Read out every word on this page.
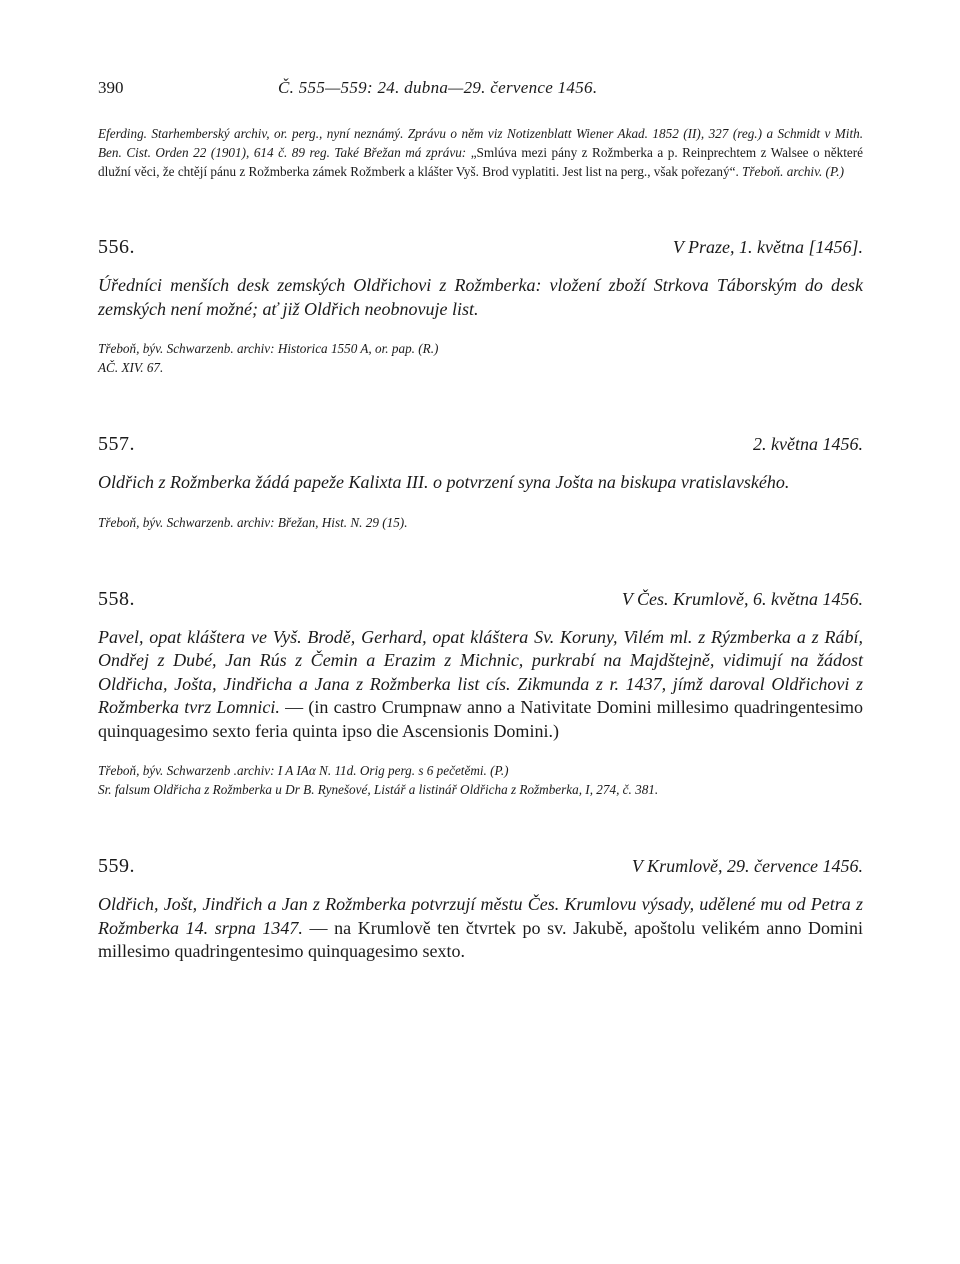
390	Č. 555—559: 24. dubna—29. července 1456.

Eferding. Starhemberský archiv, or. perg., nyní neznámý. Zprávu o něm viz Notizenblatt Wiener Akad. 1852 (II), 327 (reg.) a Schmidt v Mith. Ben. Cist. Orden 22 (1901), 614 č. 89 reg. Také Břežan má zprávu: „Smlúva mezi pány z Rožmberka a p. Reinprechtem z Walsee o některé dlužní věci, že chtějí pánu z Rožmberka zámek Rožmberk a klášter Vyš. Brod vyplatiti. Jest list na perg., však pořezaný“. Třeboň. archiv. (P.)

556.	V Praze, 1. května [1456].

Úředníci menších desk zemských Oldřichovi z Rožmberka: vložení zboží Strkova Táborským do desk zemských není možné; ať již Oldřich neobnovuje list.

Třeboň, býv. Schwarzenb. archiv: Historica 1550 A, or. pap. (R.)
AČ. XIV. 67.
557.	2. května 1456.

Oldřich z Rožmberka žádá papeže Kalixta III. o potvrzení syna Jošta na biskupa vratislavského.

Třeboň, býv. Schwarzenb. archiv: Břežan, Hist. N. 29 (15).
558.	V Čes. Krumlově, 6. května 1456.

Pavel, opat kláštera ve Vyš. Brodě, Gerhard, opat kláštera Sv. Koruny, Vilém ml. z Rýzmberka a z Rábí, Ondřej z Dubé, Jan Rús z Čemin a Erazim z Michnic, purkrabí na Majdštejně, vidimují na žádost Oldřicha, Jošta, Jindřicha a Jana z Rožmberka list cís. Zikmunda z r. 1437, jímž daroval Oldřichovi z Rožmberka tvrz Lomnici. — (in castro Crumpnaw anno a Nativitate Domini millesimo quadringentesimo quinquagesimo sexto feria quinta ipso die Ascensionis Domini.)

Třeboň, býv. Schwarzenb .archiv: I A IAα N. 11d. Orig perg. s 6 pečetěmi. (P.)
Sr. falsum Oldřicha z Rožmberka u Dr B. Rynešové, Listář a listinář Oldřicha z Rožmberka, I, 274, č. 381.
559.	V Krumlově, 29. července 1456.

Oldřich, Jošt, Jindřich a Jan z Rožmberka potvrzují městu Čes. Krumlovu výsady, udělené mu od Petra z Rožmberka 14. srpna 1347. — na Krumlově ten čtvrtek po sv. Jakubě, apoštolu velikém anno Domini millesimo quadringentesimo quinquagesimo sexto.
